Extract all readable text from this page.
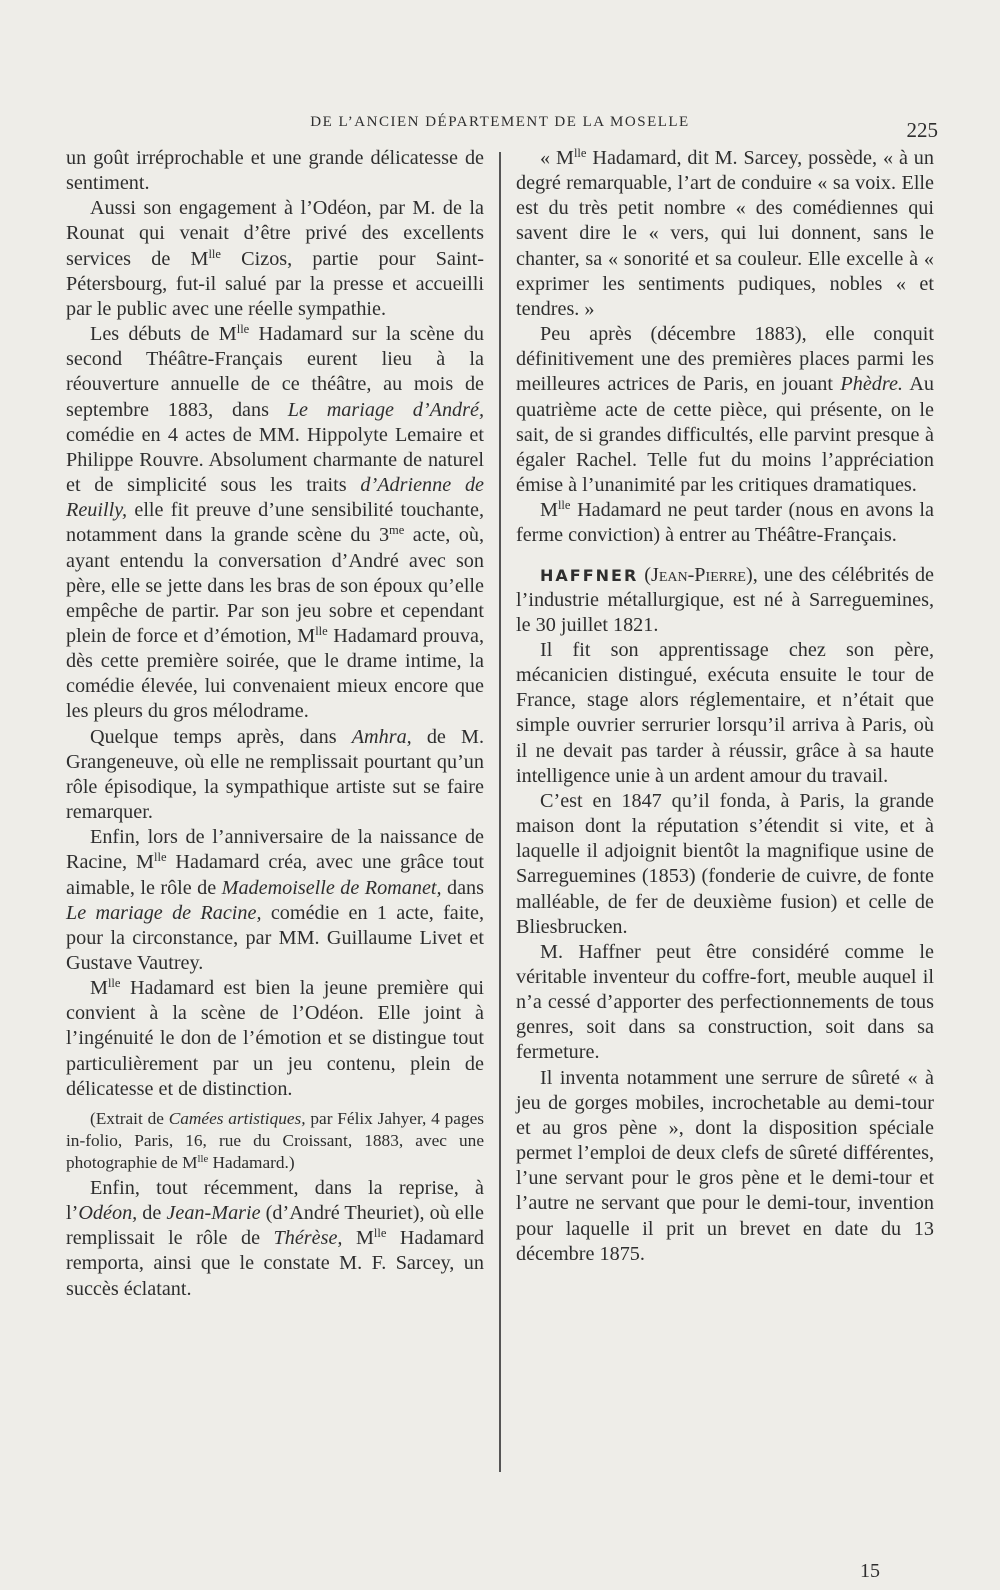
DE L’ANCIEN DÉPARTEMENT DE LA MOSELLE	225

un goût irréprochable et une grande délicatesse de sentiment.

Aussi son engagement à l’Odéon, par M. de la Rounat qui venait d’être privé des excellents services de $M^{lle}$ Cizos, partie pour Saint-Pétersbourg, fut-il salué par la presse et accueilli par le public avec une réelle sympathie.

Les débuts de $M^{lle}$ Hadamard sur la scène du second Théâtre-Français eurent lieu à la réouverture annuelle de ce théâtre, au mois de septembre 1883, dans Le mariage d’André, comédie en 4 actes de MM. Hippolyte Lemaire et Philippe Rouvre. Absolument charmante de naturel et de simplicité sous les traits d’Adrienne de Reuilly, elle fit preuve d’une sensibilité touchante, notamment dans la grande scène du $3^{me}$ acte, où, ayant entendu la conversation d’André avec son père, elle se jette dans les bras de son époux qu’elle empêche de partir. Par son jeu sobre et cependant plein de force et d’émotion, $M^{lle}$ Hadamard prouva, dès cette première soirée, que le drame intime, la comédie élevée, lui convenaient mieux encore que les pleurs du gros mélodrame.

Quelque temps après, dans Amhra, de M. Grangeneuve, où elle ne remplissait pourtant qu’un rôle épisodique, la sympathique artiste sut se faire remarquer.

Enfin, lors de l’anniversaire de la naissance de Racine, $M^{lle}$ Hadamard créa, avec une grâce tout aimable, le rôle de Mademoiselle de Romanet, dans Le mariage de Racine, comédie en 1 acte, faite, pour la circonstance, par MM. Guillaume Livet et Gustave Vautrey.

$M^{lle}$ Hadamard est bien la jeune première qui convient à la scène de l’Odéon. Elle joint à l’ingénuité le don de l’émotion et se distingue tout particulièrement par un jeu contenu, plein de délicatesse et de distinction.

(Extrait de Camées artistiques, par Félix Jahyer, 4 pages in-folio, Paris, 16, rue du Croissant, 1883, avec une photographie de $M^{lle}$ Hadamard.)

Enfin, tout récemment, dans la reprise, à l’Odéon, de Jean-Marie (d’André Theuriet), où elle remplissait le rôle de Thérèse, $M^{lle}$ Hadamard remporta, ainsi que le constate M. F. Sarcey, un succès éclatant.

« $M^{lle}$ Hadamard, dit M. Sarcey, possède, « à un degré remarquable, l’art de conduire « sa voix. Elle est du très petit nombre « des comédiennes qui savent dire le « vers, qui lui donnent, sans le chanter, sa « sonorité et sa couleur. Elle excelle à « exprimer les sentiments pudiques, nobles « et tendres. »

Peu après (décembre 1883), elle conquit définitivement une des premières places parmi les meilleures actrices de Paris, en jouant Phèdre. Au quatrième acte de cette pièce, qui présente, on le sait, de si grandes difficultés, elle parvint presque à égaler Rachel. Telle fut du moins l’appréciation émise à l’unanimité par les critiques dramatiques.

$M^{lle}$ Hadamard ne peut tarder (nous en avons la ferme conviction) à entrer au Théâtre-Français.

HAFFNER (Jean-Pierre), une des célébrités de l’industrie métallurgique, est né à Sarreguemines, le 30 juillet 1821.

Il fit son apprentissage chez son père, mécanicien distingué, exécuta ensuite le tour de France, stage alors réglementaire, et n’était que simple ouvrier serrurier lorsqu’il arriva à Paris, où il ne devait pas tarder à réussir, grâce à sa haute intelligence unie à un ardent amour du travail.

C’est en 1847 qu’il fonda, à Paris, la grande maison dont la réputation s’étendit si vite, et à laquelle il adjoignit bientôt la magnifique usine de Sarreguemines (1853) (fonderie de cuivre, de fonte malléable, de fer de deuxième fusion) et celle de Bliesbrucken.

M. Haffner peut être considéré comme le véritable inventeur du coffre-fort, meuble auquel il n’a cessé d’apporter des perfectionnements de tous genres, soit dans sa construction, soit dans sa fermeture.

Il inventa notamment une serrure de sûreté « à jeu de gorges mobiles, incrochetable au demi-tour et au gros pène », dont la disposition spéciale permet l’emploi de deux clefs de sûreté différentes, l’une servant pour le gros pène et le demi-tour et l’autre ne servant que pour le demi-tour, invention pour laquelle il prit un brevet en date du 13 décembre 1875.

15
